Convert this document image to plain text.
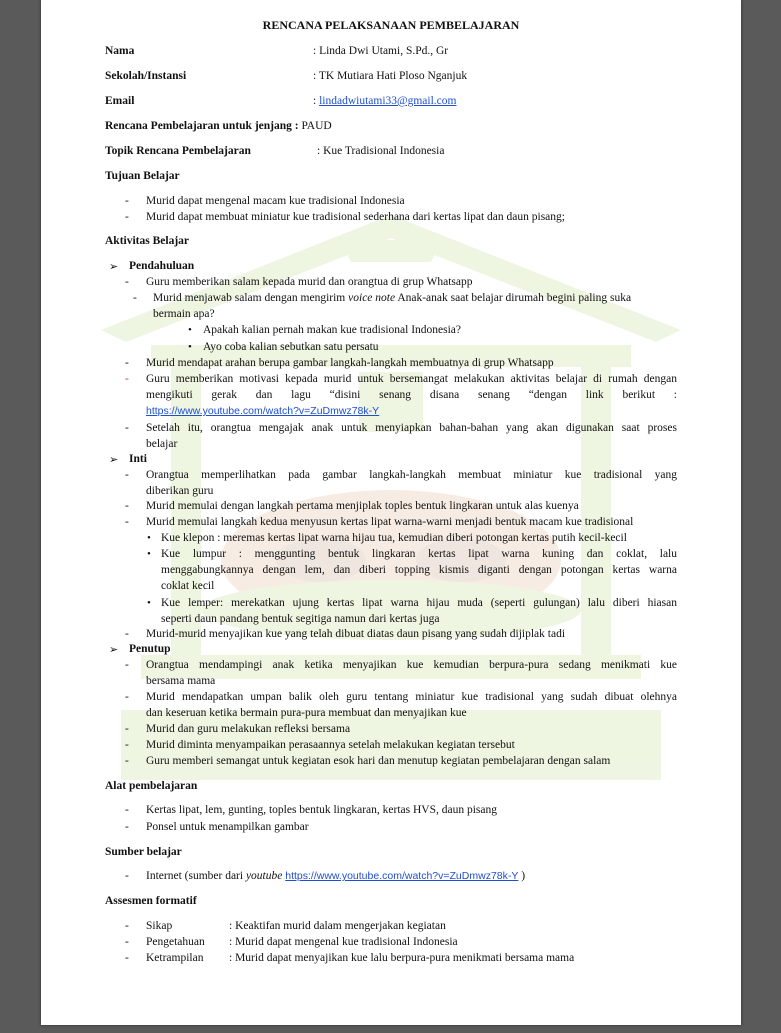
RENCANA PELAKSANAAN PEMBELAJARAN
Nama	: Linda Dwi Utami, S.Pd., Gr
Sekolah/Instansi	: TK Mutiara Hati Ploso Nganjuk
Email	: lindadwiutami33@gmail.com
Rencana Pembelajaran untuk jenjang : PAUD
Topik Rencana Pembelajaran	: Kue Tradisional Indonesia
Tujuan Belajar
- Murid dapat mengenal macam kue tradisional Indonesia
- Murid dapat membuat miniatur kue tradisional sederhana dari kertas lipat dan daun pisang;
Aktivitas Belajar
➢ Pendahuluan
- Guru memberikan salam kepada murid dan orangtua di grup Whatsapp
- Murid menjawab salam dengan mengirim voice note Anak-anak saat belajar dirumah begini paling suka
bermain apa?
• Apakah kalian pernah makan kue tradisional Indonesia?
• Ayo coba kalian sebutkan satu persatu
- Murid mendapat arahan berupa gambar langkah-langkah membuatnya di grup Whatsapp
- Guru memberikan motivasi kepada murid untuk bersemangat melakukan aktivitas belajar di rumah dengan
mengikuti gerak dan lagu “disini senang disana senang “dengan link berikut :
https://www.youtube.com/watch?v=ZuDmwz78k-Y
- Setelah itu, orangtua mengajak anak untuk menyiapkan bahan-bahan yang akan digunakan saat proses
belajar
➢ Inti
- Orangtua memperlihatkan pada gambar langkah-langkah membuat miniatur kue tradisional yang
diberikan guru
- Murid memulai dengan langkah pertama menjiplak toples bentuk lingkaran untuk alas kuenya
- Murid memulai langkah kedua menyusun kertas lipat warna-warni menjadi bentuk macam kue tradisional
• Kue klepon : meremas kertas lipat warna hijau tua, kemudian diberi potongan kertas putih kecil-kecil
• Kue lumpur : menggunting bentuk lingkaran kertas lipat warna kuning dan coklat, lalu
menggabungkannya dengan lem, dan diberi topping kismis diganti dengan potongan kertas warna
coklat kecil
• Kue lemper: merekatkan ujung kertas lipat warna hijau muda (seperti gulungan) lalu diberi hiasan
seperti daun pandang bentuk segitiga namun dari kertas juga
- Murid-murid menyajikan kue yang telah dibuat diatas daun pisang yang sudah dijiplak tadi
➢ Penutup
- Orangtua mendampingi anak ketika menyajikan kue kemudian berpura-pura sedang menikmati kue
bersama mama
- Murid mendapatkan umpan balik oleh guru tentang miniatur kue tradisional yang sudah dibuat olehnya
dan keseruan ketika bermain pura-pura membuat dan menyajikan kue
- Murid dan guru melakukan refleksi bersama
- Murid diminta menyampaikan perasaannya setelah melakukan kegiatan tersebut
- Guru memberi semangat untuk kegiatan esok hari dan menutup kegiatan pembelajaran dengan salam
Alat pembelajaran
- Kertas lipat, lem, gunting, toples bentuk lingkaran, kertas HVS, daun pisang
- Ponsel untuk menampilkan gambar
Sumber belajar
- Internet (sumber dari youtube https://www.youtube.com/watch?v=ZuDmwz78k-Y )
Assesmen formatif
- Sikap	: Keaktifan murid dalam mengerjakan kegiatan
- Pengetahuan : Murid dapat mengenal kue tradisional Indonesia
- Ketrampilan : Murid dapat menyajikan kue lalu berpura-pura menikmati bersama mama
